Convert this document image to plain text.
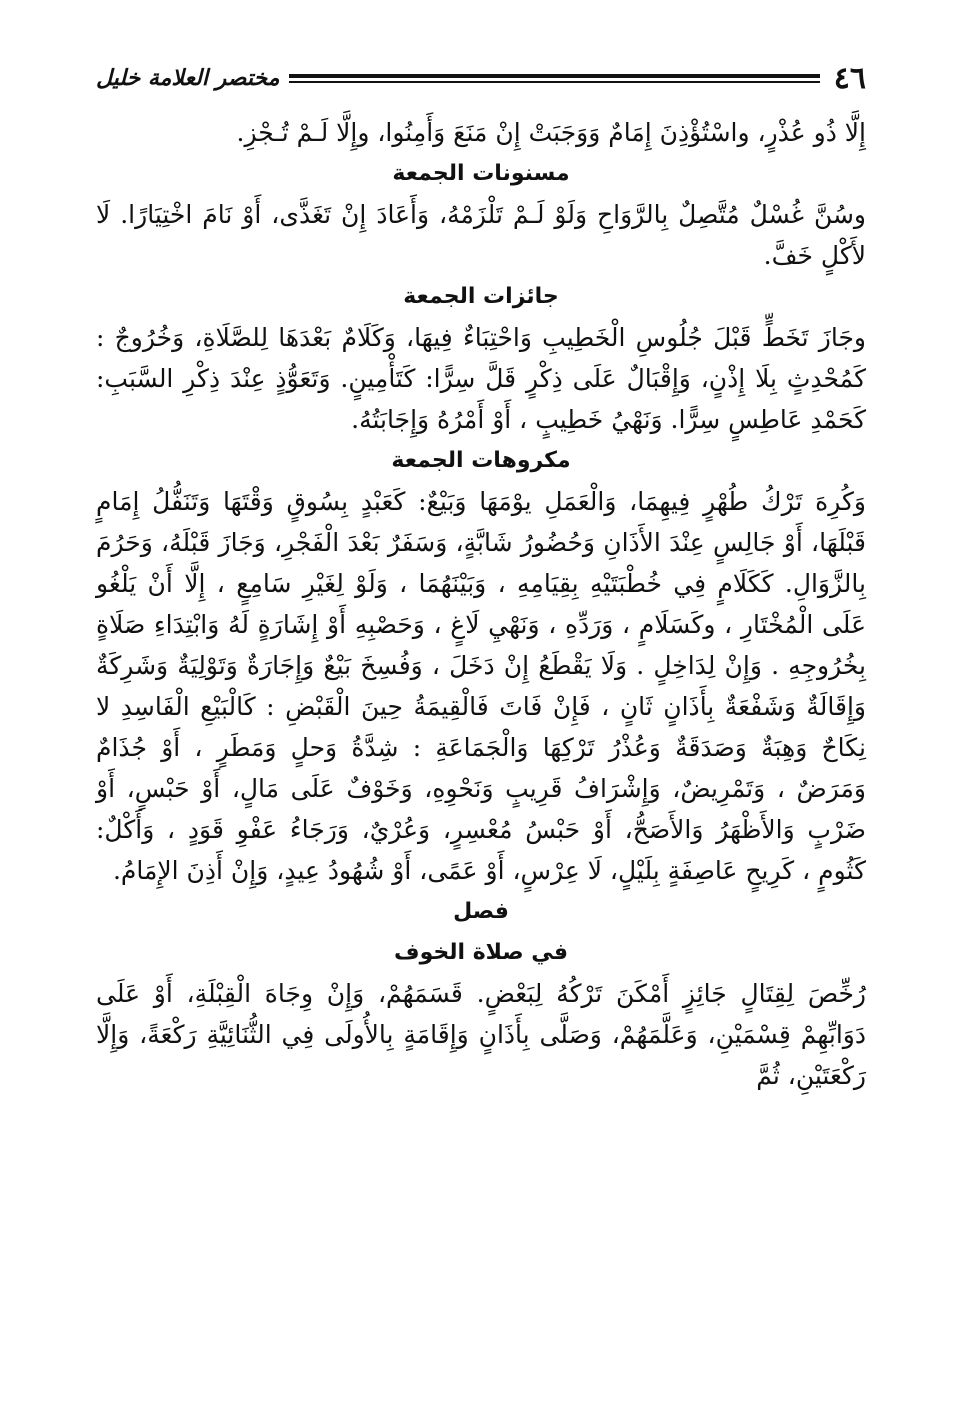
٤٦
مختصر العلامة خليل

إِلَّا ذُو عُذْرٍ، واسْتُؤْذِنَ إِمَامٌ وَوَجَبَتْ إِنْ مَنَعَ وَأَمِنُوا، وإِلَّا لَـمْ تُـجْزِ.

مسنونات الجمعة

وسُنَّ غُسْلٌ مُتَّصِلٌ بِالرَّوَاحِ وَلَوْ لَـمْ تَلْزَمْهُ، وَأَعَادَ إِنْ تَغَذَّى، أَوْ نَامَ اخْتِيَارًا. لَا لأَكْلٍ خَفَّ.

جائزات الجمعة

وجَازَ تَخَطٍّ قَبْلَ جُلُوسِ الْخَطِيبِ وَاحْتِبَاءٌ فِيهَا، وَكَلَامٌ بَعْدَهَا لِلصَّلَاةِ، وَخُرُوجٌ : كَمُحْدِثٍ بِلَا إِذْنٍ، وَإِقْبَالٌ عَلَى ذِكْرٍ قَلَّ سِرًّا: كَتَأْمِينٍ. وَتَعَوُّذٍ عِنْدَ ذِكْرِ السَّبَبِ: كَحَمْدِ عَاطِسٍ سِرًّا. وَنَهْيُ خَطِيبٍ ، أَوْ أَمْرُهُ وَإِجَابَتُهُ.

مكروهات الجمعة

وَكُرِهَ تَرْكُ طُهْرٍ فِيهِمَا، وَالْعَمَلِ يوْمَهَا وَبَيْعٌ: كَعَبْدٍ بِسُوقٍ وَقْتَهَا وَتَنَفُّلُ إِمَامٍ قَبْلَهَا، أَوْ جَالِسٍ عِنْدَ الأَذَانِ وَحُضُورُ شَابَّةٍ، وَسَفَرٌ بَعْدَ الْفَجْرِ، وَجَازَ قَبْلَهُ، وَحَرُمَ بِالزَّوَالِ. كَكَلَامٍ فِي خُطْبَتَيْهِ بِقِيَامِهِ ، وَبَيْنَهُمَا ، وَلَوْ لِغَيْرِ سَامِعٍ ، إِلَّا أَنْ يَلْغُو عَلَى الْمُخْتَارِ ، وكَسَلَامٍ ، وَرَدِّهِ ، وَنَهْيِ لَاغٍ ، وَحَصْبِهِ أَوْ إِشَارَةٍ لَهُ وَابْتِدَاءِ صَلَاةٍ بِخُرُوجِهِ . وَإِنْ لِدَاخِلٍ . وَلَا يَقْطَعُ إِنْ دَخَلَ ، وَفُسِخَ بَيْعٌ وَإِجَارَةٌ وَتَوْلِيَةٌ وَشَرِكَةٌ وَإِقَالَةٌ وَشَفْعَةٌ بِأَذَانٍ ثَانٍ ، فَإِنْ فَاتَ فَالْقِيمَةُ حِينَ الْقَبْضِ : كَالْبَيْعِ الْفَاسِدِ لا نِكَاحٌ وَهِبَةٌ وَصَدَقَةٌ وَعُذْرُ تَرْكِهَا وَالْجَمَاعَةِ : شِدَّةُ وَحلٍ وَمَطَرٍ ، أَوْ جُذَامٌ وَمَرَضٌ ، وَتَمْرِيضٌ، وَإِشْرَافُ قَرِيبٍ وَنَحْوِهِ، وَخَوْفٌ عَلَى مَالٍ، أَوْ حَبْسٍ، أَوْ ضَرْبٍ وَالأَظْهَرُ وَالأَصَحُّ، أَوْ حَبْسُ مُعْسِرٍ، وَعُرْيٌ، وَرَجَاءُ عَفْوِ قَوَدٍ ، وَأَكْلٌ: كَثُومٍ ، كَرِيحٍ عَاصِفَةٍ بِلَيْلٍ، لَا عِرْسٍ، أَوْ عَمًى، أَوْ شُهُودُ عِيدٍ، وَإِنْ أَذِنَ الإِمَامُ.

فصل

في صلاة الخوف

رُخِّصَ لِقِتَالٍ جَائِزٍ أَمْكَنَ تَرْكُهُ لِبَعْضٍ. قَسَمَهُمْ، وَإِنْ وِجَاهَ الْقِبْلَةِ، أَوْ عَلَى دَوَابِّهِمْ قِسْمَيْنِ، وَعَلَّمَهُمْ، وَصَلَّى بِأَذَانٍ وَإِقَامَةٍ بِالأُولَى فِي الثُّنَائِيَّةِ رَكْعَةً، وَإِلَّا رَكْعَتَيْنِ، ثُمَّ
